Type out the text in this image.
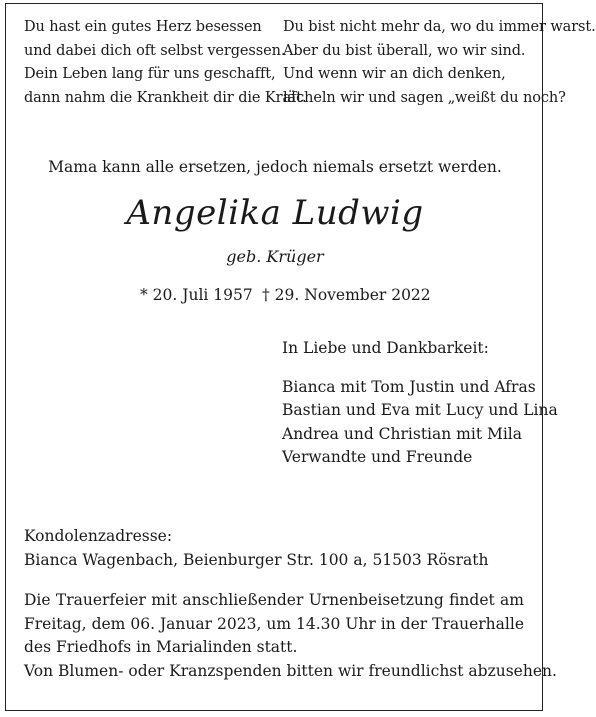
Du hast ein gutes Herz besessen
und dabei dich oft selbst vergessen.
Dein Leben lang für uns geschafft,
dann nahm die Krankheit dir die Kraft.
Du bist nicht mehr da, wo du immer warst.
Aber du bist überall, wo wir sind.
Und wenn wir an dich denken,
lächeln wir und sagen „weißt du noch?
Mama kann alle ersetzen, jedoch niemals ersetzt werden.
Angelika Ludwig
geb. Krüger
* 20. Juli 1957 † 29. November 2022
In Liebe und Dankbarkeit:
Bianca mit Tom Justin und Afras
Bastian und Eva mit Lucy und Lina
Andrea und Christian mit Mila
Verwandte und Freunde
Kondolenzadresse:
Bianca Wagenbach, Beienburger Str. 100 a, 51503 Rösrath
Die Trauerfeier mit anschließender Urnenbeisetzung findet am Freitag, dem 06. Januar 2023, um 14.30 Uhr in der Trauerhalle des Friedhofs in Marialinden statt.
Von Blumen- oder Kranzspenden bitten wir freundlichst abzusehen.
